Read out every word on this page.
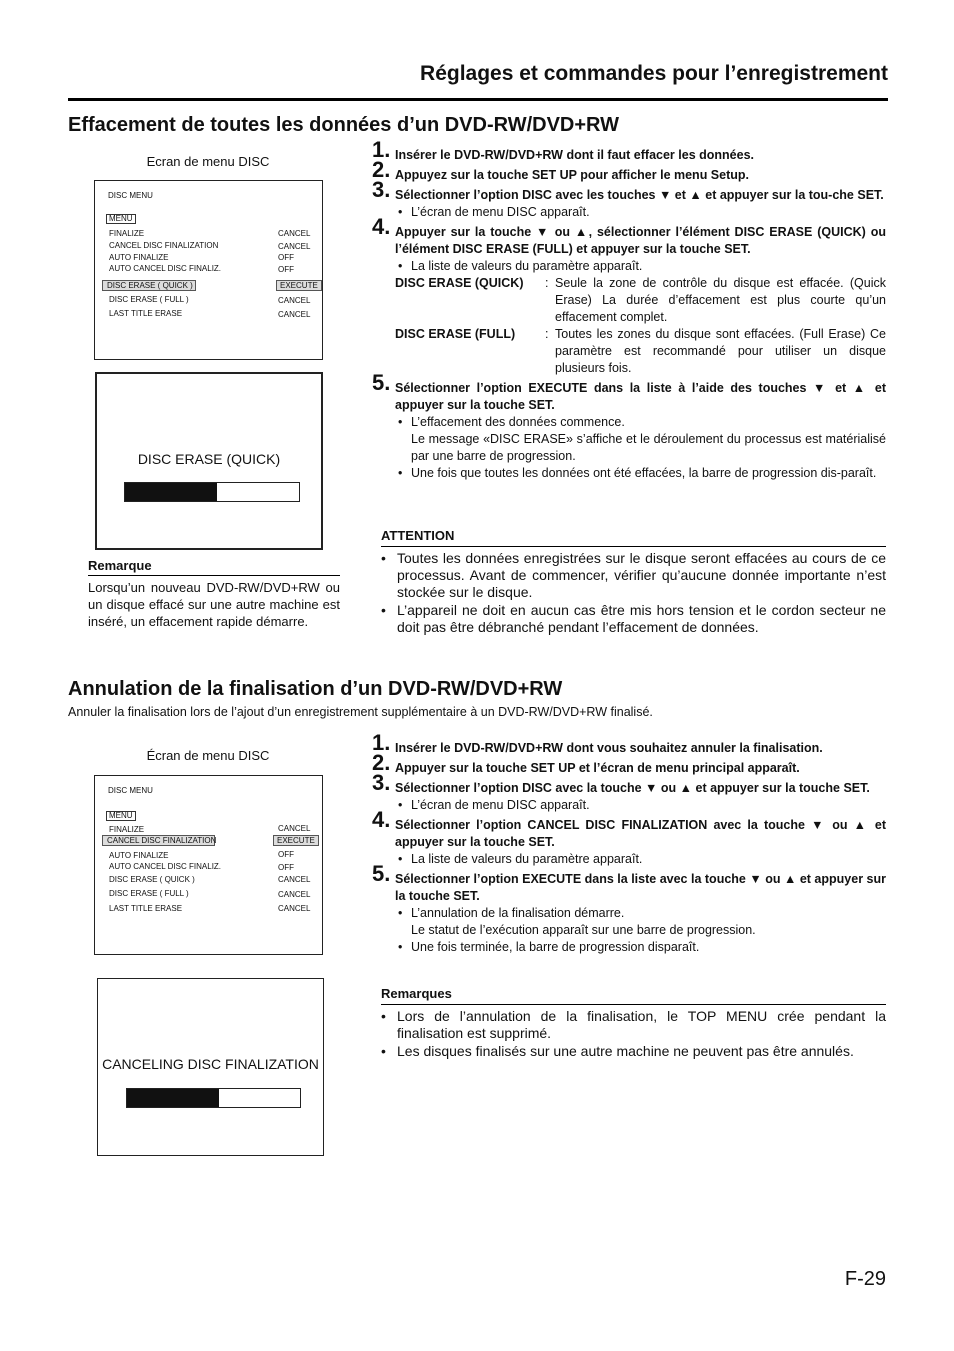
Réglages et commandes pour l’enregistrement
Effacement de toutes les données d’un DVD-RW/DVD+RW
Ecran de menu DISC
DISC MENU
MENU
FINALIZE	CANCEL
CANCEL DISC FINALIZATION	CANCEL
AUTO FINALIZE	OFF
AUTO CANCEL DISC FINALIZ.	OFF
DISC ERASE ( QUICK )	EXECUTE
DISC ERASE ( FULL )	CANCEL
LAST TITLE ERASE	CANCEL
DISC ERASE (QUICK)
Remarque
Lorsqu’un nouveau DVD-RW/DVD+RW ou un disque effacé sur une autre machine est inséré, un effacement rapide démarre.
1. Insérer le DVD-RW/DVD+RW dont il faut effacer les données.
2. Appuyez sur la touche SET UP pour afficher le menu Setup.
3. Sélectionner l’option DISC avec les touches ▼ et ▲ et appuyer sur la tou-che SET.
• L’écran de menu DISC apparaît.
4. Appuyer sur la touche ▼ ou ▲, sélectionner l’élément DISC ERASE (QUICK) ou l’élément DISC ERASE (FULL) et appuyer sur la touche SET.
• La liste de valeurs du paramètre apparaît.
DISC ERASE (QUICK)	: Seule la zone de contrôle du disque est effacée. (Quick Erase) La durée d’effacement est plus courte qu’un effacement complet.
DISC ERASE (FULL)	: Toutes les zones du disque sont effacées. (Full Erase) Ce paramètre est recommandé pour utiliser un disque plusieurs fois.
5. Sélectionner l’option EXECUTE dans la liste à l’aide des touches ▼ et ▲ et appuyer sur la touche SET.
• L’effacement des données commence.
Le message «DISC ERASE» s’affiche et le déroulement du processus est matérialisé par une barre de progression.
• Une fois que toutes les données ont été effacées, la barre de progression dis-paraît.
ATTENTION
• Toutes les données enregistrées sur le disque seront effacées au cours de ce processus. Avant de commencer, vérifier qu’aucune donnée importante n’est stockée sur le disque.
• L’appareil ne doit en aucun cas être mis hors tension et le cordon secteur ne doit pas être débranché pendant l’effacement de données.
Annulation de la finalisation d’un DVD-RW/DVD+RW
Annuler la finalisation lors de l’ajout d’un enregistrement supplémentaire à un DVD-RW/DVD+RW finalisé.
Écran de menu DISC
DISC MENU
MENU
FINALIZE	CANCEL
CANCEL DISC FINALIZATION	EXECUTE
AUTO FINALIZE	OFF
AUTO CANCEL DISC FINALIZ.	OFF
DISC ERASE ( QUICK )	CANCEL
DISC ERASE ( FULL )	CANCEL
LAST TITLE ERASE	CANCEL
CANCELING DISC FINALIZATION
1. Insérer le DVD-RW/DVD+RW dont vous souhaitez annuler la finalisation.
2. Appuyer sur la touche SET UP et l’écran de menu principal apparaît.
3. Sélectionner l’option DISC avec la touche ▼ ou ▲ et appuyer sur la touche SET.
• L’écran de menu DISC apparaît.
4. Sélectionner l’option CANCEL DISC FINALIZATION avec la touche ▼ ou ▲ et appuyer sur la touche SET.
• La liste de valeurs du paramètre apparaît.
5. Sélectionner l’option EXECUTE dans la liste avec la touche ▼ ou ▲ et appuyer sur la touche SET.
• L’annulation de la finalisation démarre.
Le statut de l’exécution apparaît sur une barre de progression.
• Une fois terminée, la barre de progression disparaît.
Remarques
• Lors de l’annulation de la finalisation, le TOP MENU crée pendant la finalisation est supprimé.
• Les disques finalisés sur une autre machine ne peuvent pas être annulés.
F-29
